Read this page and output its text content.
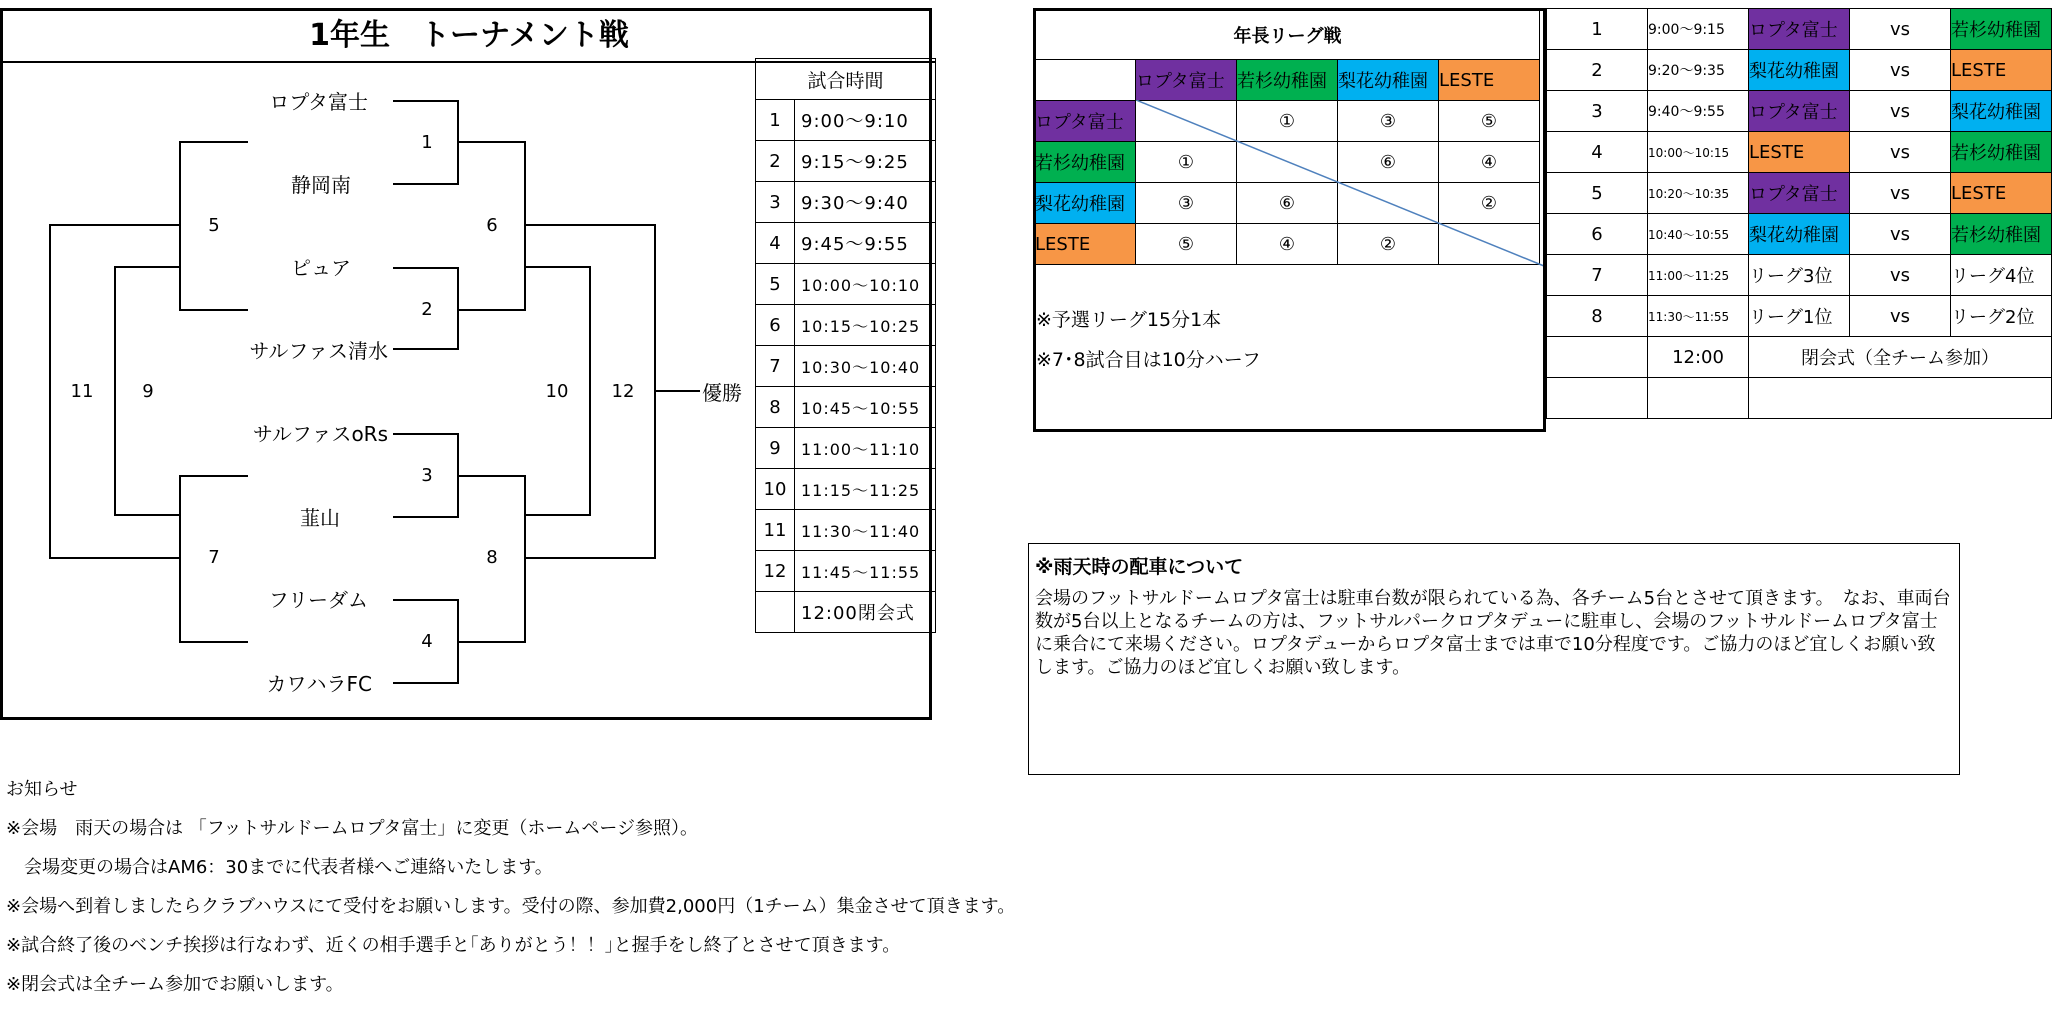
1年生　トーナメント戦
ロプタ富士
静岡南
ピュア
サルファス清水
サルファスoRs
韮山
フリーダム
カワハラFC
1
2
3
4
5	6
7	8
9	10
11	12	優勝
試合時間	
1	9:00〜9:10
2	9:15〜9:25
3	9:30〜9:40
4	9:45〜9:55
5	10:00〜10:10
6	10:15〜10:25
7	10:30〜10:40
8	10:45〜10:55
9	11:00〜11:10
10	11:15〜11:25
11	11:30〜11:40
12	11:45〜11:55
	12:00閉会式
年長リーグ戦				
	ロプタ富士	若杉幼稚園	梨花幼稚園	LESTE
ロプタ富士		①	③	⑤
若杉幼稚園	①		⑥	④
梨花幼稚園	③	⑥		②
LESTE	⑤	④	②	
※予選リーグ15分1本
※7･8試合目は10分ハーフ
1	9:00〜9:15	ロプタ富士	vs	若杉幼稚園
2	9:20〜9:35	梨花幼稚園	vs	LESTE
3	9:40〜9:55	ロプタ富士	vs	梨花幼稚園
4	10:00〜10:15	LESTE	vs	若杉幼稚園
5	10:20〜10:35	ロプタ富士	vs	LESTE
6	10:40〜10:55	梨花幼稚園	vs	若杉幼稚園
7	11:00〜11:25	リーグ3位	vs	リーグ4位
8	11:30〜11:55	リーグ1位	vs	リーグ2位
	12:00	閉会式（全チーム参加）		

※雨天時の配車について
会場のフットサルドームロプタ富士は駐車台数が限られている為、各チーム5台とさせて頂きます。　なお、車両台数が5台以上となるチームの方は、フットサルパークロプタデューに駐車し、会場のフットサルドームロプタ富士に乗合にて来場ください。ロプタデューからロプタ富士までは車で10分程度です。ご協力のほど宜しくお願い致します。ご協力のほど宜しくお願い致します。
お知らせ
※会場　雨天の場合は 「フットサルドームロプタ富士」に変更（ホームページ参照）。
　会場変更の場合はAM6：30までに代表者様へご連絡いたします。
※会場へ到着しましたらクラブハウスにて受付をお願いします。受付の際、参加費2,000円（1チーム）集金させて頂きます。
※試合終了後のベンチ挨拶は行なわず、近くの相手選手と｢ありがとう！！｣と握手をし終了とさせて頂きます。
※閉会式は全チーム参加でお願いします。
